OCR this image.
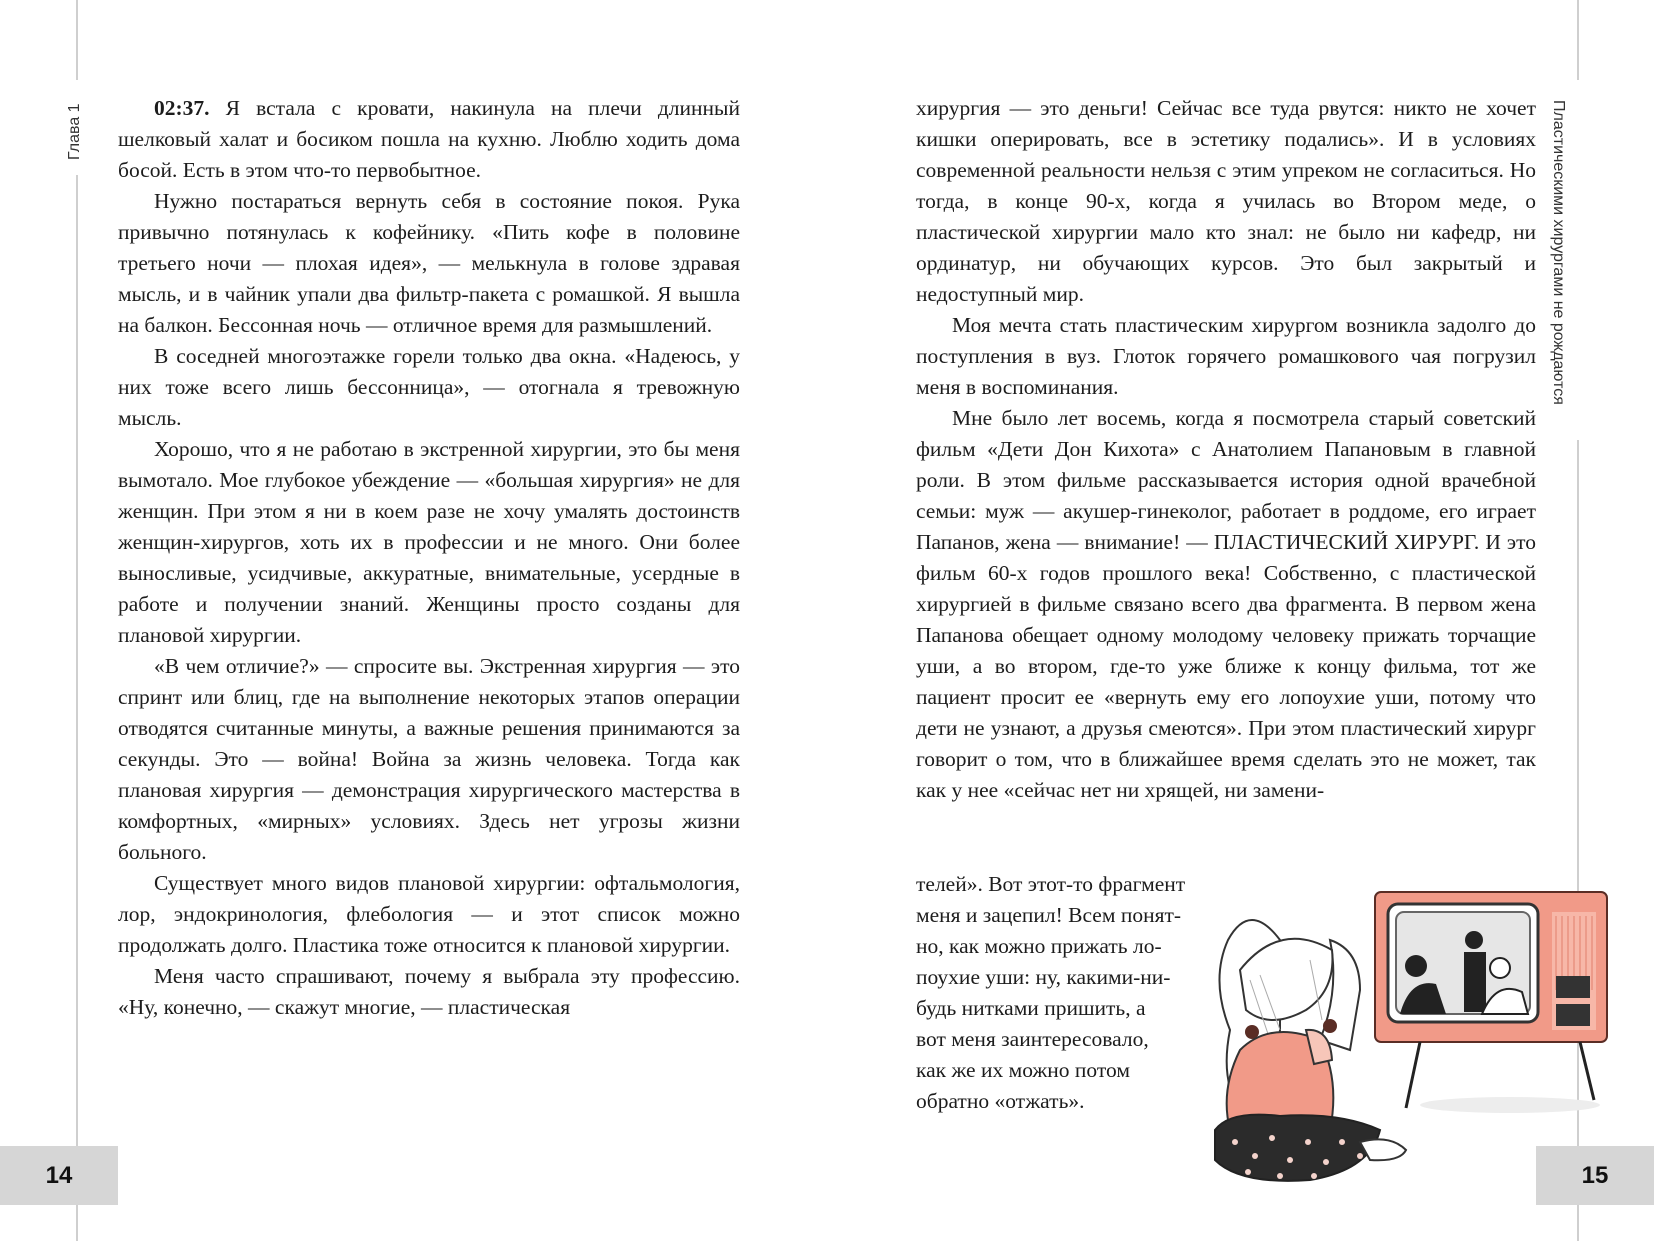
Глава 1	Пластическими хирургами не рождаются

02:37. Я встала с кровати, накинула на плечи длинный шелковый халат и босиком пошла на кухню. Люблю ходить дома босой. Есть в этом что-то первобытное.

Нужно постараться вернуть себя в состояние покоя. Рука привычно потянулась к кофейнику. «Пить кофе в половине третьего ночи — плохая идея», — мелькнула в голове здравая мысль, и в чайник упали два фильтр-пакета с ромашкой. Я вышла на балкон. Бессонная ночь — отличное время для размышлений.

В соседней многоэтажке горели только два окна. «Надеюсь, у них тоже всего лишь бессонница», — отогнала я тревожную мысль.

Хорошо, что я не работаю в экстренной хирургии, это бы меня вымотало. Мое глубокое убеждение — «большая хирургия» не для женщин. При этом я ни в коем разе не хочу умалять достоинств женщин-хирургов, хоть их в профессии и не много. Они более выносливые, усидчивые, аккуратные, внимательные, усердные в работе и получении знаний. Женщины просто созданы для плановой хирургии.

«В чем отличие?» — спросите вы. Экстренная хирургия — это спринт или блиц, где на выполнение некоторых этапов операции отводятся считанные минуты, а важные решения принимаются за секунды. Это — война! Война за жизнь человека. Тогда как плановая хирургия — демонстрация хирургического мастерства в комфортных, «мирных» условиях. Здесь нет угрозы жизни больного.

Существует много видов плановой хирургии: офтальмология, лор, эндокринология, флебология — и этот список можно продолжать долго. Пластика тоже относится к плановой хирургии.

Меня часто спрашивают, почему я выбрала эту профессию. «Ну, конечно, — скажут многие, — пластическая

хирургия — это деньги! Сейчас все туда рвутся: никто не хочет кишки оперировать, все в эстетику подались». И в условиях современной реальности нельзя с этим упреком не согласиться. Но тогда, в конце 90-х, когда я училась во Втором меде, о пластической хирургии мало кто знал: не было ни кафедр, ни ординатур, ни обучающих курсов. Это был закрытый и недоступный мир.

Моя мечта стать пластическим хирургом возникла задолго до поступления в вуз. Глоток горячего ромашкового чая погрузил меня в воспоминания.

Мне было лет восемь, когда я посмотрела старый советский фильм «Дети Дон Кихота» с Анатолием Папановым в главной роли. В этом фильме рассказывается история одной врачебной семьи: муж — акушер-гинеколог, работает в роддоме, его играет Папанов, жена — внимание! — ПЛАСТИЧЕСКИЙ ХИРУРГ. И это фильм 60-х годов прошлого века! Собственно, с пластической хирургией в фильме связано всего два фрагмента. В первом жена Папанова обещает одному молодому человеку прижать торчащие уши, а во втором, где-то уже ближе к концу фильма, тот же пациент просит ее «вернуть ему его лопоухие уши, потому что дети не узнают, а друзья смеются». При этом пластический хирург говорит о том, что в ближайшее время сделать это не может, так как у нее «сейчас нет ни хрящей, ни замени-

телей». Вот этот-то фрагмент

меня и зацепил! Всем понят-

но, как можно прижать ло-

поухие уши: ну, какими-ни-

будь нитками пришить, а

вот меня заинтересовало,

как же их можно потом

обратно «отжать».

14	15
